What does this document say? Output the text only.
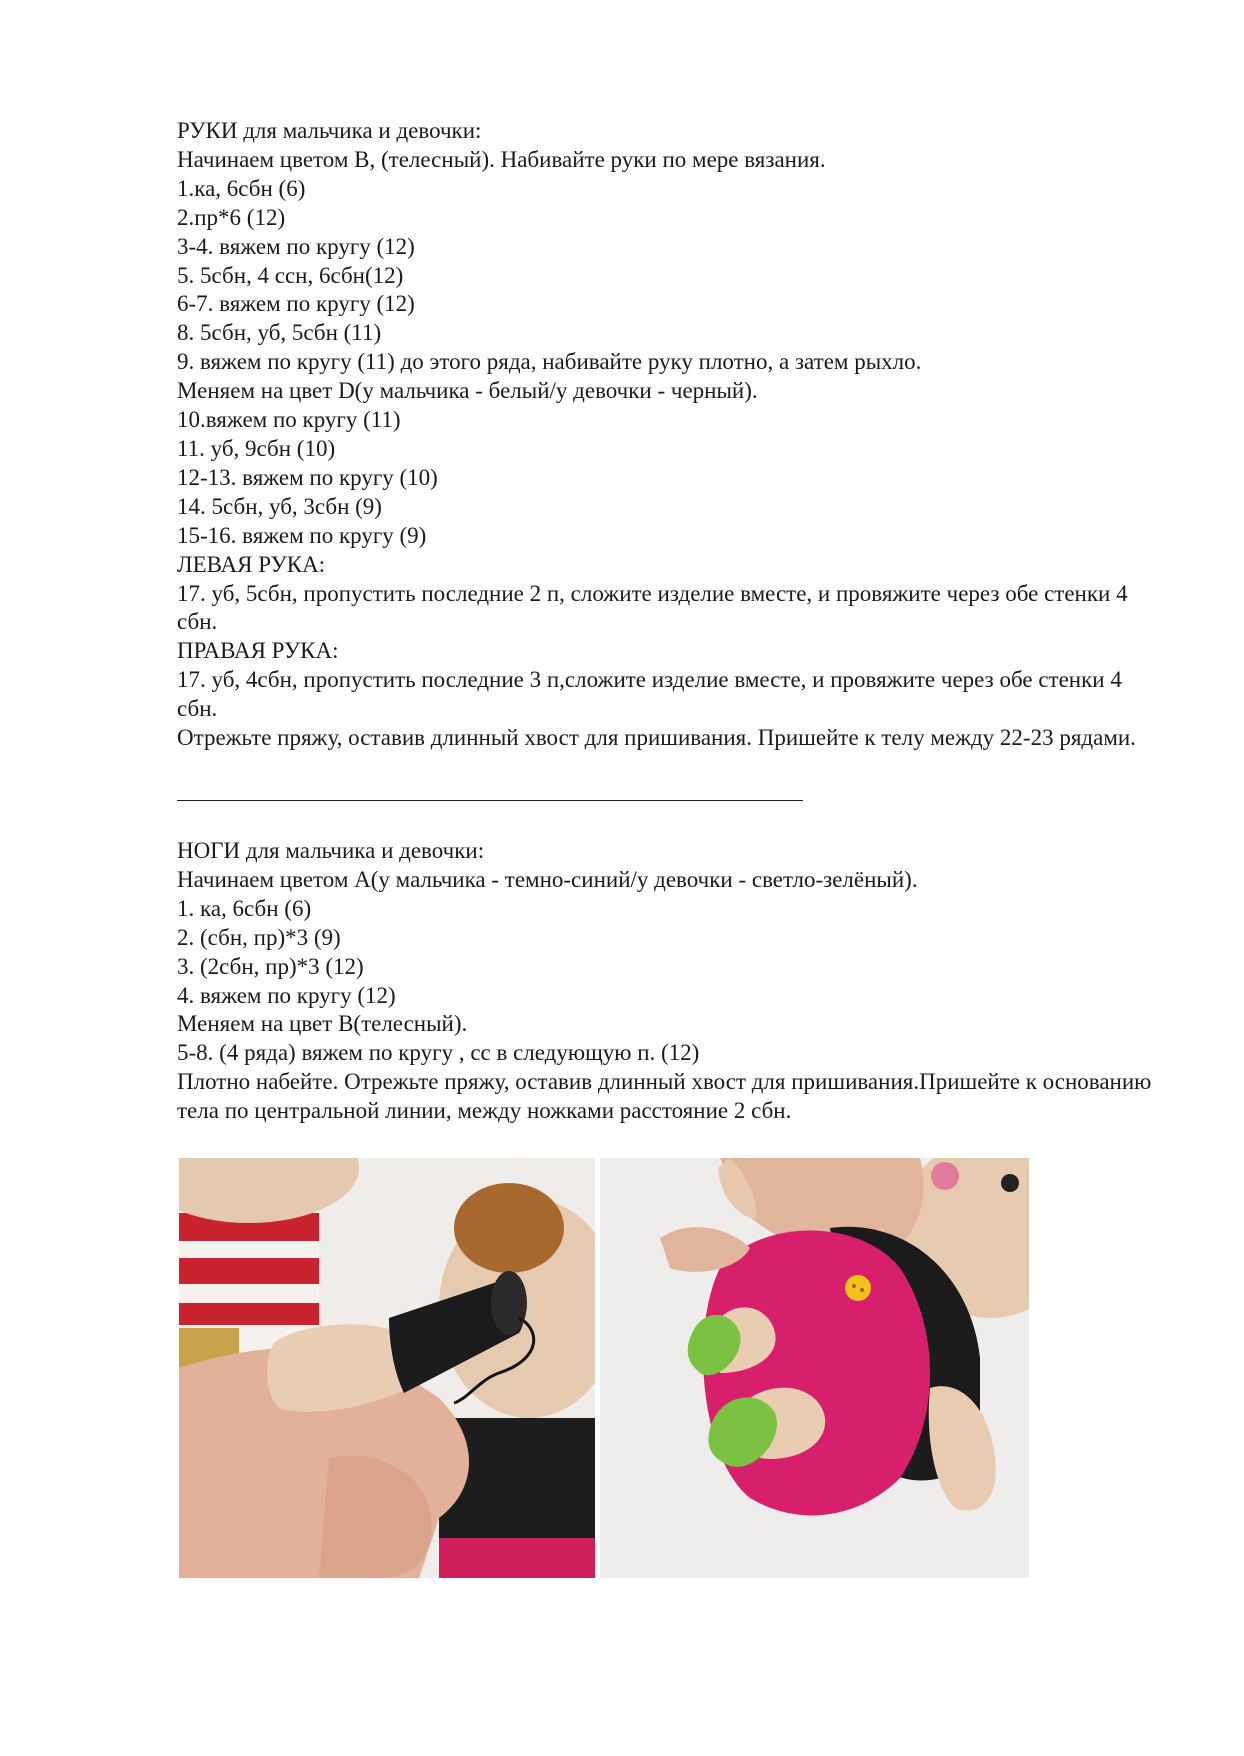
РУКИ для мальчика и девочки:
Начинаем цветом B, (телесный). Набивайте руки по мере вязания.
1.ка, 6сбн (6)
2.пр*6 (12)
3-4. вяжем по кругу (12)
5. 5сбн, 4 ссн, 6сбн(12)
6-7. вяжем по кругу (12)
8. 5сбн, уб, 5сбн (11)
9. вяжем по кругу (11) до этого ряда, набивайте руку плотно, а затем рыхло.
Меняем на цвет D(у мальчика - белый/у девочки - черный).
10.вяжем по кругу (11)
11. уб, 9сбн (10)
12-13. вяжем по кругу (10)
14. 5сбн, уб, 3сбн (9)
15-16. вяжем по кругу (9)
ЛЕВАЯ РУКА:
17. уб, 5сбн, пропустить последние 2 п, сложите изделие вместе, и провяжите через обе стенки 4 сбн.
ПРАВАЯ РУКА:
17. уб, 4сбн, пропустить последние 3 п,сложите изделие вместе, и провяжите через обе стенки 4 сбн.
Отрежьте пряжу, оставив длинный хвост для пришивания. Пришейте к телу между 22-23 рядами.
НОГИ для мальчика и девочки:
Начинаем цветом А(у мальчика - темно-синий/у девочки - светло-зелёный).
1. ка, 6сбн (6)
2. (сбн, пр)*3 (9)
3. (2сбн, пр)*3 (12)
4. вяжем по кругу (12)
Меняем на цвет B(телесный).
5-8. (4 ряда) вяжем по кругу , сс в следующую п. (12)
Плотно набейте. Отрежьте пряжу, оставив длинный хвост для пришивания.Пришейте к основанию тела по центральной линии, между ножками расстояние 2 сбн.
